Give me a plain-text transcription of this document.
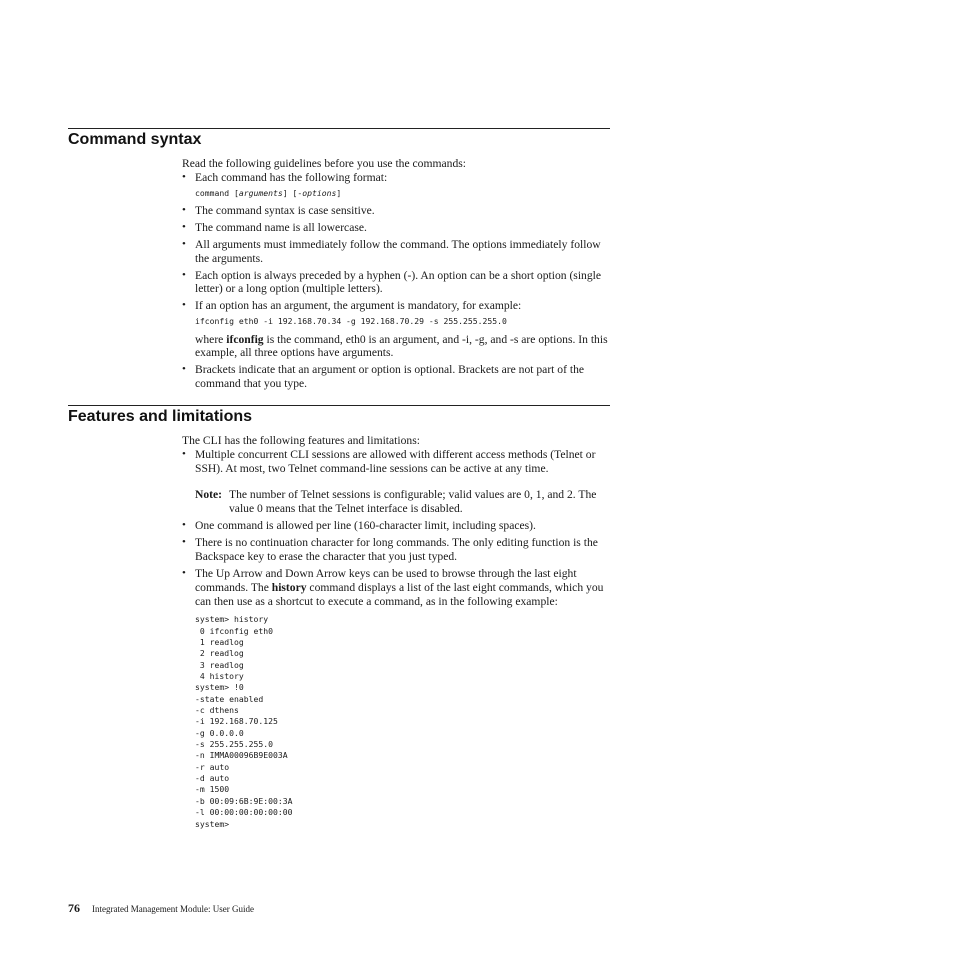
Command syntax

Read the following guidelines before you use the commands:

• Each command has the following format:
command [arguments] [-options]
• The command syntax is case sensitive.
• The command name is all lowercase.
• All arguments must immediately follow the command. The options immediately follow the arguments.
• Each option is always preceded by a hyphen (-). An option can be a short option (single letter) or a long option (multiple letters).
• If an option has an argument, the argument is mandatory, for example:
ifconfig eth0 -i 192.168.70.34 -g 192.168.70.29 -s 255.255.255.0

where ifconfig is the command, eth0 is an argument, and -i, -g, and -s are options. In this example, all three options have arguments.

• Brackets indicate that an argument or option is optional. Brackets are not part of the command that you type.
Features and limitations

The CLI has the following features and limitations:

• Multiple concurrent CLI sessions are allowed with different access methods (Telnet or SSH). At most, two Telnet command-line sessions can be active at any time.
Note: The number of Telnet sessions is configurable; valid values are 0, 1, and 2. The value 0 means that the Telnet interface is disabled.
• One command is allowed per line (160-character limit, including spaces).
• There is no continuation character for long commands. The only editing function is the Backspace key to erase the character that you just typed.
• The Up Arrow and Down Arrow keys can be used to browse through the last eight commands. The history command displays a list of the last eight commands, which you can then use as a shortcut to execute a command, as in the following example:
system> history
0 ifconfig eth0
1 readlog
2 readlog
3 readlog
4 history
system> !0
-state enabled
-c dthens
-i 192.168.70.125
-g 0.0.0.0
-s 255.255.255.0
-n IMMA00096B9E003A
-r auto
-d auto
-m 1500
-b 00:09:6B:9E:00:3A
-l 00:00:00:00:00:00
system>
76 Integrated Management Module: User Guide
